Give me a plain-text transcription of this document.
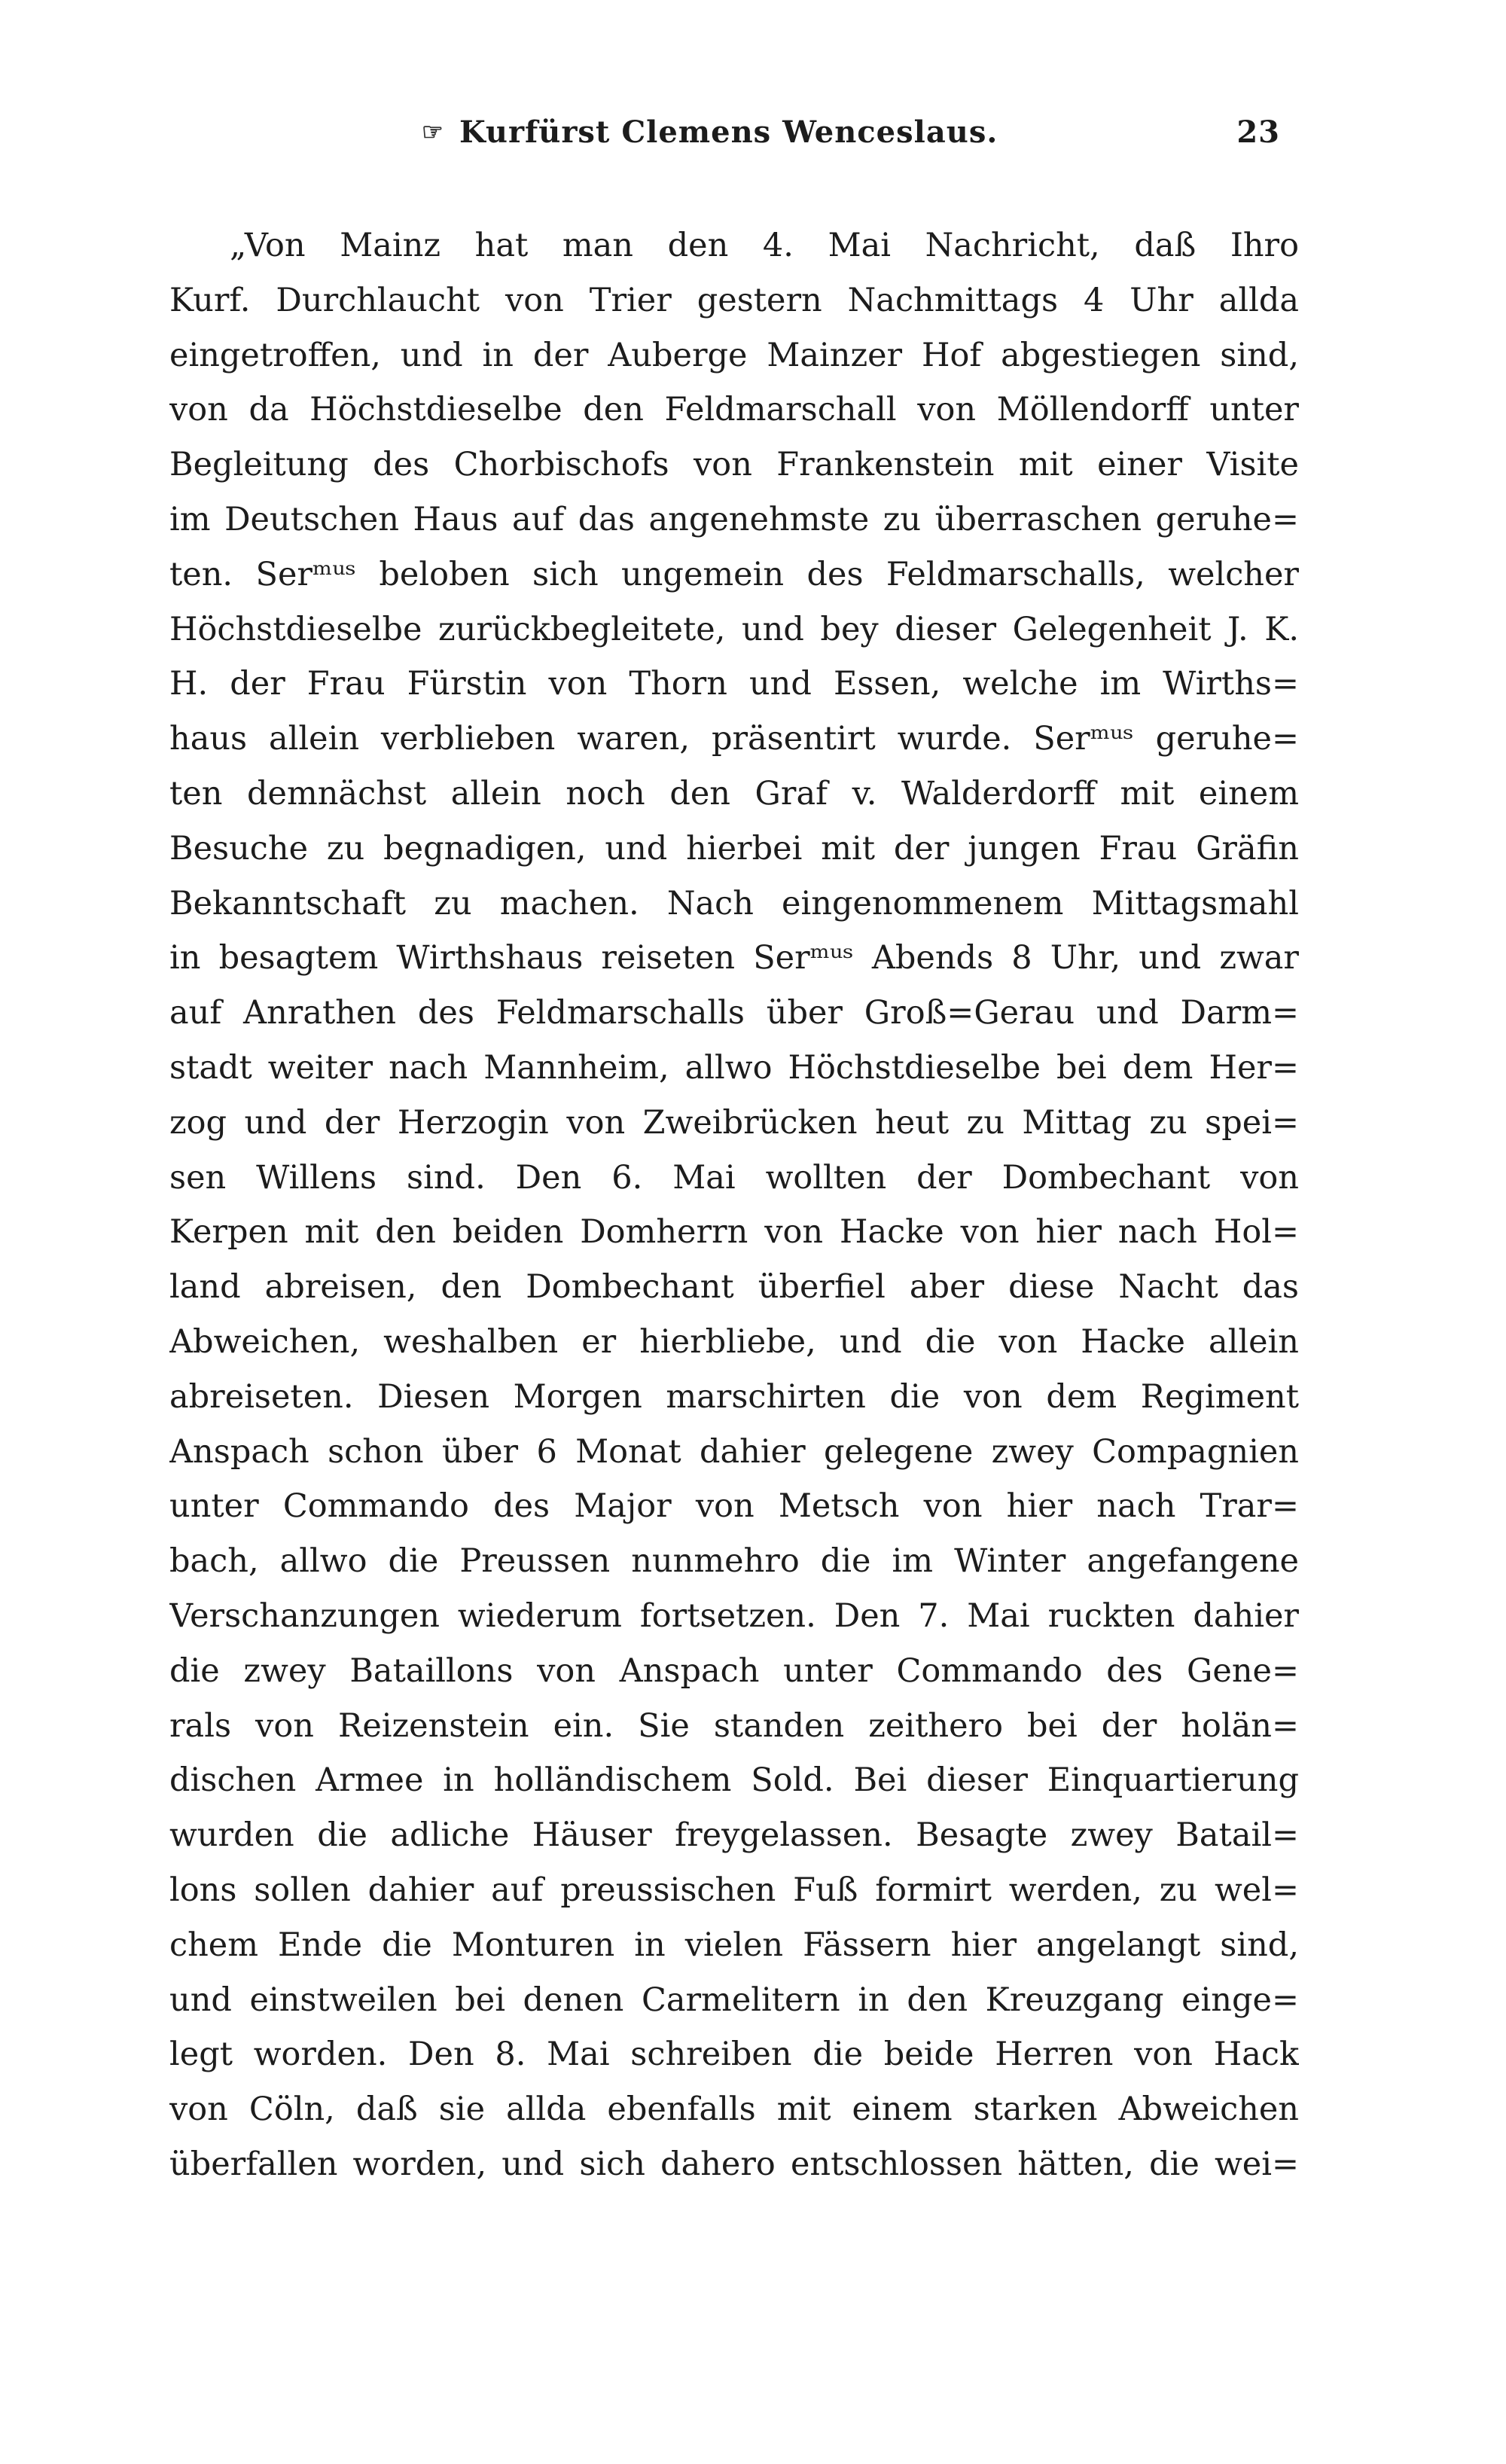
☞ Kurfürst Clemens Wenceslaus.	23
„Von Mainz hat man den 4. Mai Nachricht, daß Ihro
Kurf. Durchlaucht von Trier gestern Nachmittags 4 Uhr allda
eingetroffen, und in der Auberge Mainzer Hof abgestiegen sind,
von da Höchstdieselbe den Feldmarschall von Möllendorff unter
Begleitung des Chorbischofs von Frankenstein mit einer Visite
im Deutschen Haus auf das angenehmste zu überraschen geruhe=
ten. Serᵐᵘˢ beloben sich ungemein des Feldmarschalls, welcher
Höchstdieselbe zurückbegleitete, und bey dieser Gelegenheit J. K.
H. der Frau Fürstin von Thorn und Essen, welche im Wirths=
haus allein verblieben waren, präsentirt wurde. Serᵐᵘˢ geruhe=
ten demnächst allein noch den Graf v. Walderdorff mit einem
Besuche zu begnadigen, und hierbei mit der jungen Frau Gräfin
Bekanntschaft zu machen. Nach eingenommenem Mittagsmahl
in besagtem Wirthshaus reiseten Serᵐᵘˢ Abends 8 Uhr, und zwar
auf Anrathen des Feldmarschalls über Groß=Gerau und Darm=
stadt weiter nach Mannheim, allwo Höchstdieselbe bei dem Her=
zog und der Herzogin von Zweibrücken heut zu Mittag zu spei=
sen Willens sind. Den 6. Mai wollten der Dombechant von
Kerpen mit den beiden Domherrn von Hacke von hier nach Hol=
land abreisen, den Dombechant überfiel aber diese Nacht das
Abweichen, weshalben er hierbliebe, und die von Hacke allein
abreiseten. Diesen Morgen marschirten die von dem Regiment
Anspach schon über 6 Monat dahier gelegene zwey Compagnien
unter Commando des Major von Metsch von hier nach Trar=
bach, allwo die Preussen nunmehro die im Winter angefangene
Verschanzungen wiederum fortsetzen. Den 7. Mai ruckten dahier
die zwey Bataillons von Anspach unter Commando des Gene=
rals von Reizenstein ein. Sie standen zeithero bei der holän=
dischen Armee in holländischem Sold. Bei dieser Einquartierung
wurden die adliche Häuser freygelassen. Besagte zwey Batail=
lons sollen dahier auf preussischen Fuß formirt werden, zu wel=
chem Ende die Monturen in vielen Fässern hier angelangt sind,
und einstweilen bei denen Carmelitern in den Kreuzgang einge=
legt worden. Den 8. Mai schreiben die beide Herren von Hack
von Cöln, daß sie allda ebenfalls mit einem starken Abweichen
überfallen worden, und sich dahero entschlossen hätten, die wei=
